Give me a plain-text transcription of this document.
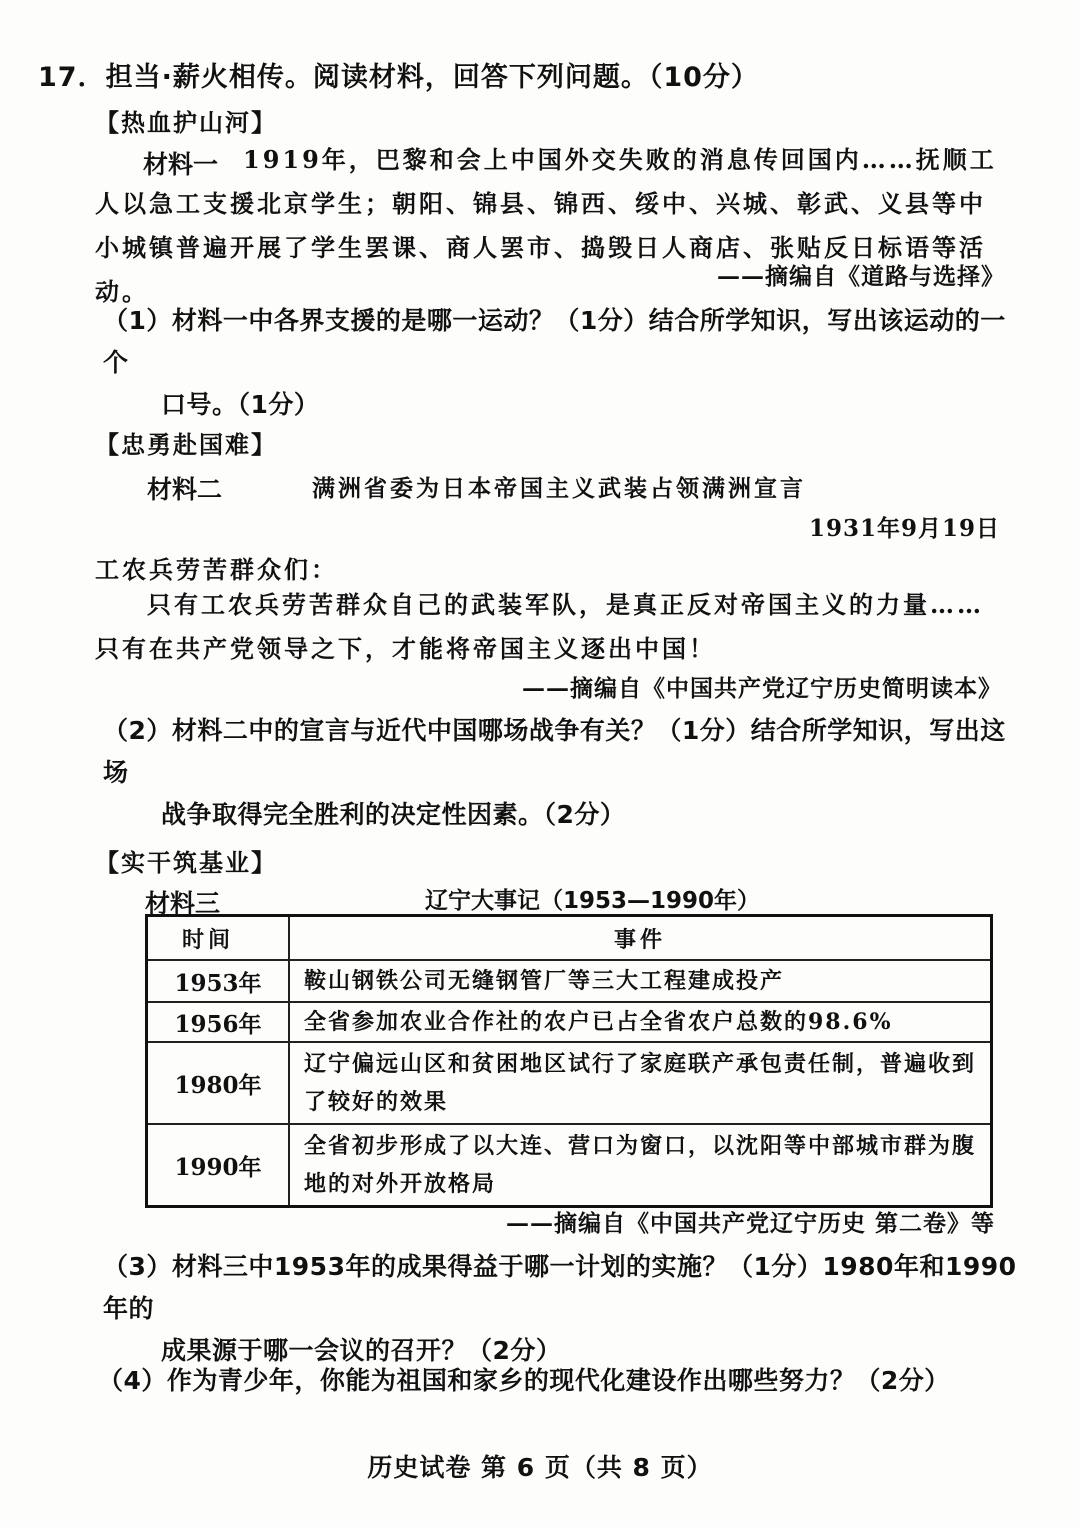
17．担当·薪火相传。阅读材料，回答下列问题。（10分）
【热血护山河】
材料一	1919年，巴黎和会上中国外交失败的消息传回国内……抚顺工人以急工支援北京学生；朝阳、锦县、锦西、绥中、兴城、彰武、义县等中小城镇普遍开展了学生罢课、商人罢市、捣毁日人商店、张贴反日标语等活动。
——摘编自《道路与选择》
（1）材料一中各界支援的是哪一运动？（1分）结合所学知识，写出该运动的一个
口号。（1分）
【忠勇赴国难】
材料二	满洲省委为日本帝国主义武装占领满洲宣言
1931年9月19日
工农兵劳苦群众们：
只有工农兵劳苦群众自己的武装军队，是真正反对帝国主义的力量……只有在共产党领导之下，才能将帝国主义逐出中国！
——摘编自《中国共产党辽宁历史简明读本》
（2）材料二中的宣言与近代中国哪场战争有关？（1分）结合所学知识，写出这场
战争取得完全胜利的决定性因素。（2分）
【实干筑基业】
材料三	辽宁大事记（1953—1990年）
时间	事件
1953年	鞍山钢铁公司无缝钢管厂等三大工程建成投产
1956年	全省参加农业合作社的农户已占全省农户总数的98.6%
1980年	辽宁偏远山区和贫困地区试行了家庭联产承包责任制，普遍收到了较好的效果
1990年	全省初步形成了以大连、营口为窗口，以沈阳等中部城市群为腹地的对外开放格局
——摘编自《中国共产党辽宁历史 第二卷》等
（3）材料三中1953年的成果得益于哪一计划的实施？（1分）1980年和1990年的
成果源于哪一会议的召开？（2分）
（4）作为青少年，你能为祖国和家乡的现代化建设作出哪些努力？（2分）
历史试卷 第 6 页（共 8 页）
